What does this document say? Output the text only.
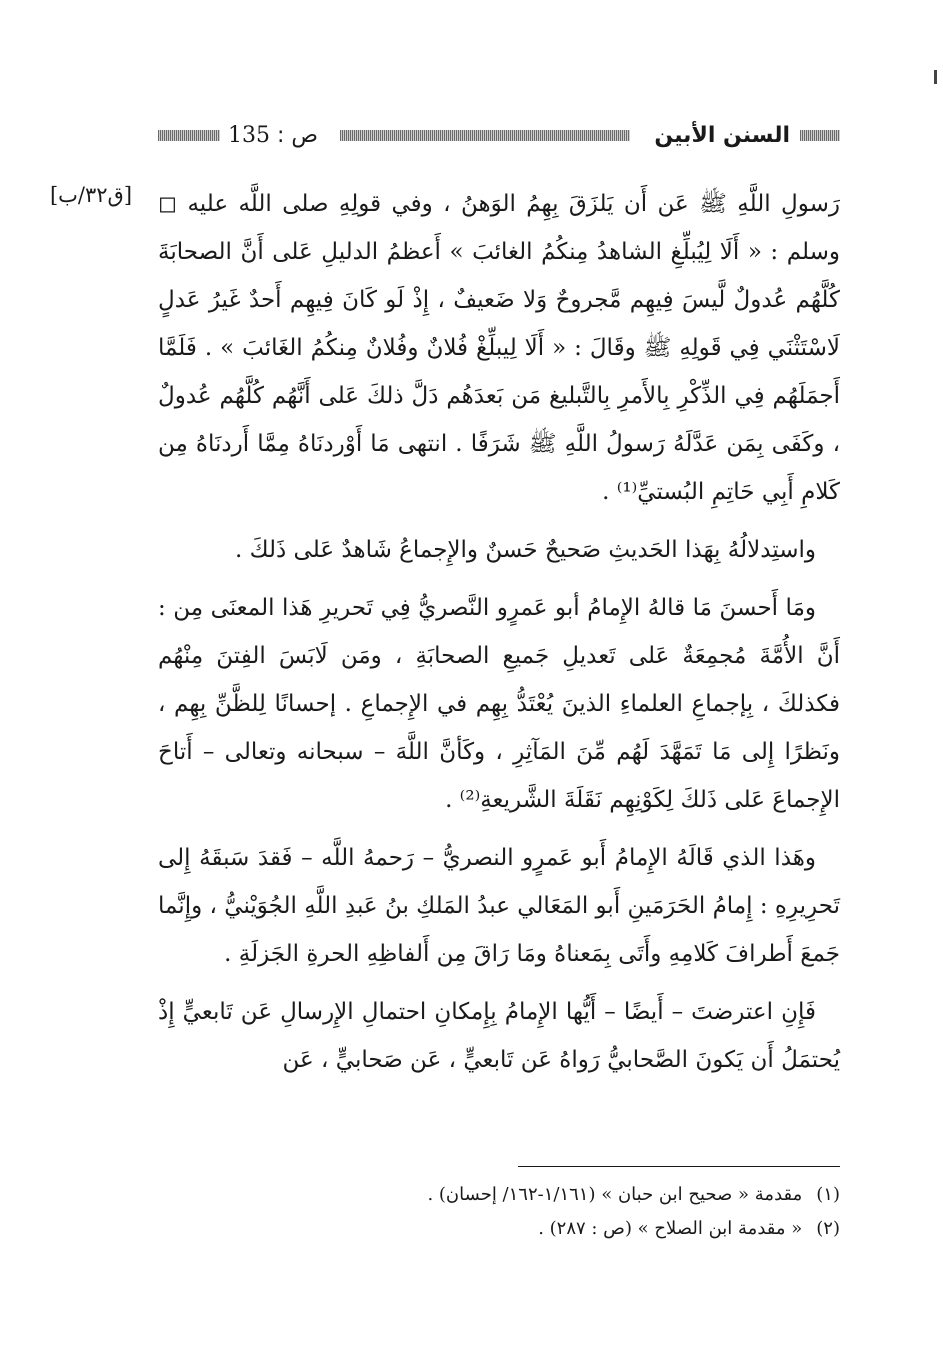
السنن الأبين
ص : 135
[ق٣٢/ب]	رَسولِ اللَّهِ ﷺ عَن أَن يَلزَقَ بِهِمُ الوَهنُ ، وفي قولِهِ صلى اللَّه عليه ◻ وسلم : « أَلَا لِيُبلِّغِ الشاهدُ مِنكُمُ الغائبَ » أَعظمُ الدليلِ عَلى أَنَّ الصحابَةَ كُلَّهُم عُدولٌ لَّيسَ فِيهِم مَّجروحٌ وَلا ضَعيفٌ ، إِذْ لَو كَانَ فِيهِم أَحدٌ غَيرُ عَدلٍ لَاسْتَثْنَي فِي قَولِهِ ﷺ وقَالَ : « أَلَا لِيبلِّغْ فُلانٌ وفُلانٌ مِنكُمُ الغَائبَ » . فَلَمَّا أَجمَلَهُم فِي الذِّكْرِ بِالأَمرِ بِالتَّبليغ مَن بَعدَهُم دَلَّ ذلكَ عَلى أَنَّهُم كُلَّهُم عُدولٌ ، وكَفَى بِمَن عَدَّلَهُ رَسولُ اللَّهِ ﷺ شَرَفًا . انتهى مَا أَوْردنَاهُ مِمَّا أَردنَاهُ مِن كَلامِ أَبِي حَاتِمِ البُستيِّ⁽¹⁾ .

واستِدلالُهُ بِهَذا الحَديثِ صَحيحٌ حَسنٌ والإِجماعُ شَاهدٌ عَلى ذَلكَ .

ومَا أَحسنَ مَا قالهُ الإِمامُ أبو عَمرٍو النَّصريُّ فِي تَحريرِ هَذا المعنَى مِن : أَنَّ الأُمَّةَ مُجمِعَةٌ عَلى تَعديلِ جَميعِ الصحابَةِ ، ومَن لَابَسَ الفِتنَ مِنْهُم فكذلكَ ، بِإجماعِ العلماءِ الذينَ يُعْتَدُّ بِهِم في الإِجماعِ . إحسانًا لِلظَّنِّ بِهِم ، ونَظرًا إِلى مَا تَمَهَّدَ لَهُم مِّنَ المَآثِرِ ، وكَأنَّ اللَّهَ – سبحانه وتعالى – أَتاحَ الإِجماعَ عَلى ذَلكَ لِكَوْنِهِم نَقَلَةَ الشَّريعةِ⁽²⁾ .

وهَذا الذي قَالَهُ الإِمامُ أَبو عَمرٍو النصريُّ – رَحمهُ اللَّه – فَقدَ سَبقَهُ إِلى تَحرِيرِهِ : إِمامُ الحَرَمَينِ أَبو المَعَالي عبدُ المَلكِ بنُ عَبدِ اللَّهِ الجُوَيْنيُّ ، وإِنَّما جَمعَ أَطرافَ كَلامِهِ وأَتَى بِمَعناهُ ومَا رَاقَ مِن أَلفاظِهِ الحرةِ الجَزلَةِ .

فَإِنِ اعترضتَ – أَيضًا – أَيُّها الإِمامُ بِإِمكانِ احتمالِ الإِرسالِ عَن تَابعيٍّ إِذْ يُحتمَلُ أَن يَكونَ الصَّحابيُّ رَواهُ عَن تَابعيٍّ ، عَن صَحابيٍّ ، عَن

(١)مقدمة « صحيح ابن حبان » (١/١٦١-١٦٢/ إحسان) .
(٢)« مقدمة ابن الصلاح » (ص : ٢٨٧) .
